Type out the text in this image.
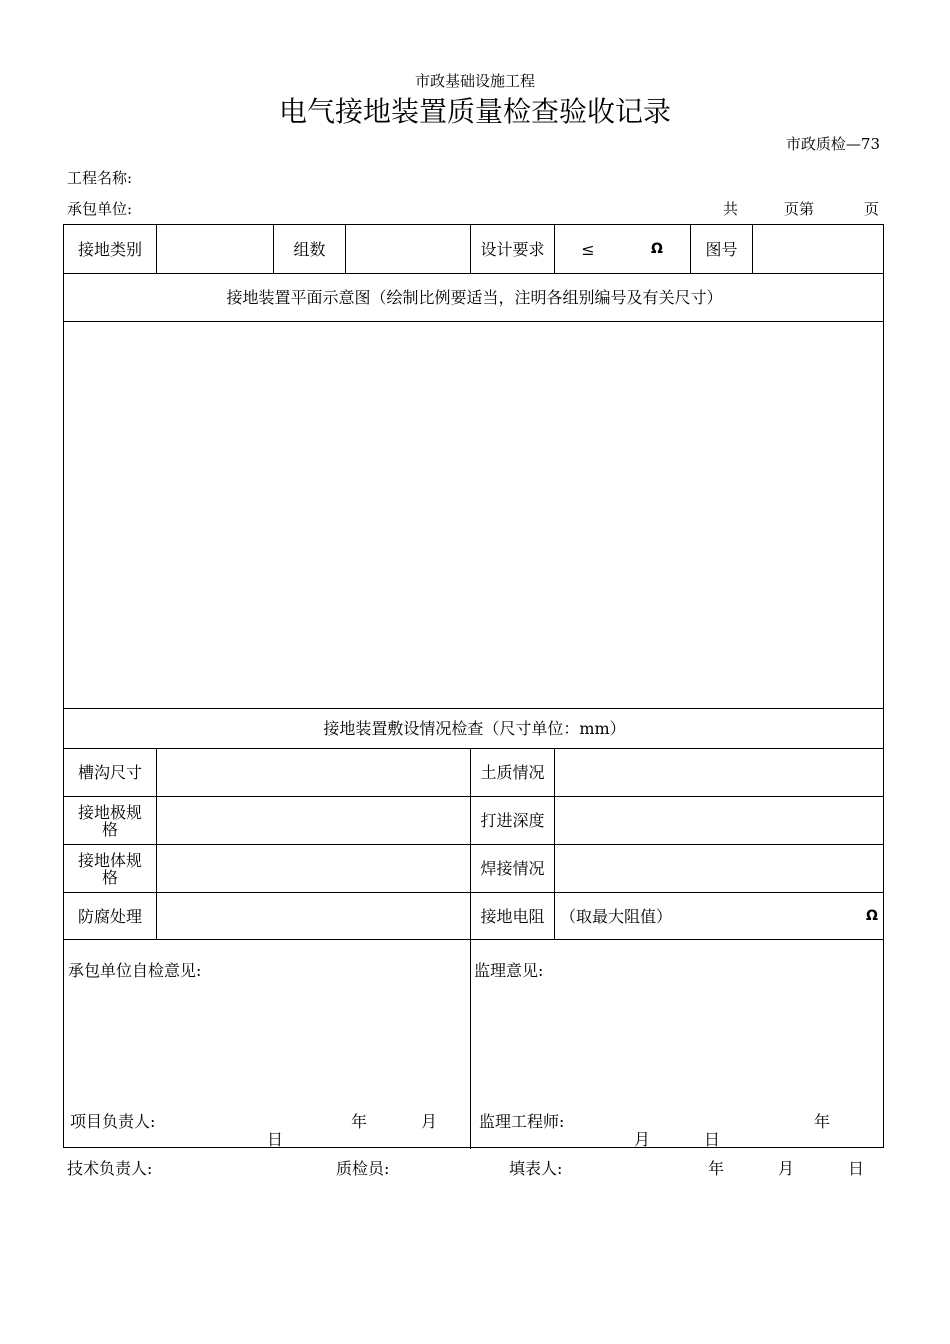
市政基础设施工程
电气接地装置质量检查验收记录
市政质检—73
工程名称:
承包单位:	共	页第	页
接地类别	组数	设计要求	≤	Ω	图号
接地装置平面示意图（绘制比例要适当，注明各组别编号及有关尺寸）
接地装置敷设情况检查（尺寸单位：mm）
槽沟尺寸	土质情况
接地极规格	打进深度
接地体规格	焊接情况
防腐处理	接地电阻 （取最大阻值）	Ω
承包单位自检意见:	监理意见:
项目负责人:	年	月
日
监理工程师:	年
月	日
技术负责人:	质检员:	填表人:	年	月	日
